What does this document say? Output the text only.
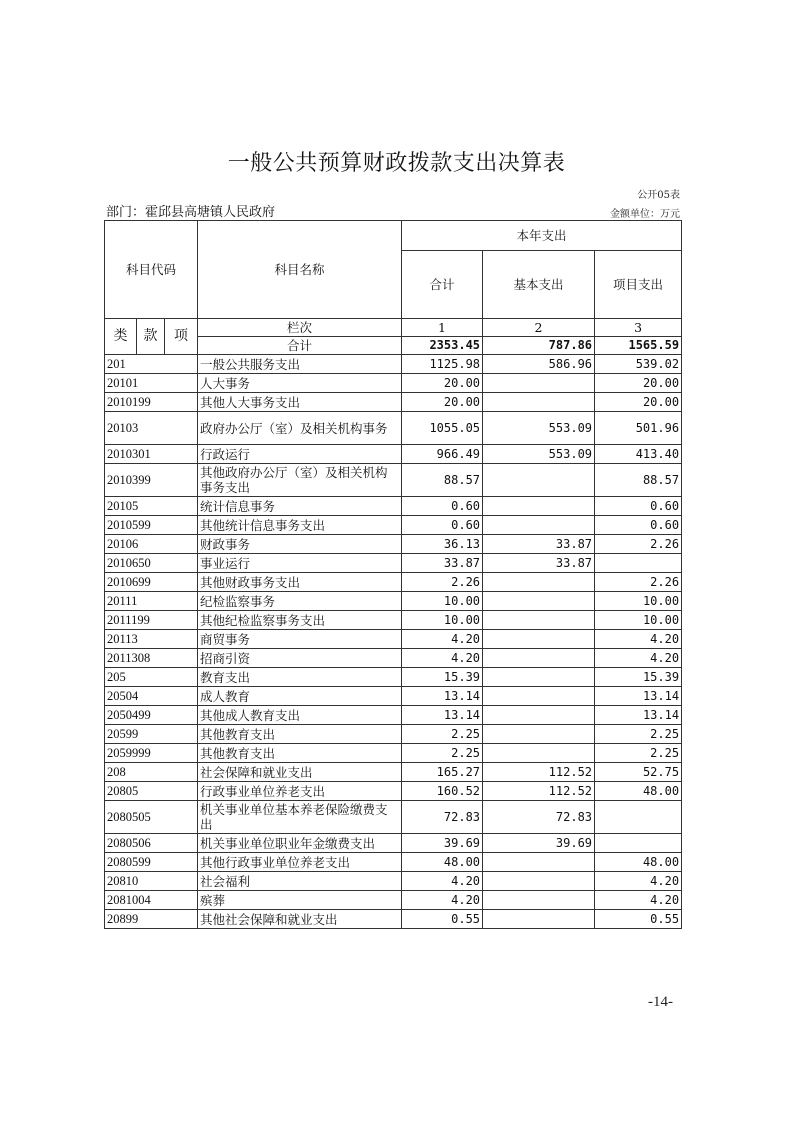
一般公共预算财政拨款支出决算表
公开05表
部门：霍邱县高塘镇人民政府	金额单位：万元
科目代码			科目名称	本年支出		
				合计	基本支出	项目支出
类	款	项	栏次	1	2	3
			合计	2353.45	787.86	1565.59
201			一般公共服务支出	1125.98	586.96	539.02
20101			人大事务	20.00		20.00
2010199			其他人大事务支出	20.00		20.00
20103			政府办公厅（室）及相关机构事务	1055.05	553.09	501.96
2010301			行政运行	966.49	553.09	413.40
2010399			其他政府办公厅（室）及相关机构事务支出	88.57		88.57
20105			统计信息事务	0.60		0.60
2010599			其他统计信息事务支出	0.60		0.60
20106			财政事务	36.13	33.87	2.26
2010650			事业运行	33.87	33.87	
2010699			其他财政事务支出	2.26		2.26
20111			纪检监察事务	10.00		10.00
2011199			其他纪检监察事务支出	10.00		10.00
20113			商贸事务	4.20		4.20
2011308			招商引资	4.20		4.20
205			教育支出	15.39		15.39
20504			成人教育	13.14		13.14
2050499			其他成人教育支出	13.14		13.14
20599			其他教育支出	2.25		2.25
2059999			其他教育支出	2.25		2.25
208			社会保障和就业支出	165.27	112.52	52.75
20805			行政事业单位养老支出	160.52	112.52	48.00
2080505			机关事业单位基本养老保险缴费支出	72.83	72.83	
2080506			机关事业单位职业年金缴费支出	39.69	39.69	
2080599			其他行政事业单位养老支出	48.00		48.00
20810			社会福利	4.20		4.20
2081004			殡葬	4.20		4.20
20899			其他社会保障和就业支出	0.55		0.55
-14-
